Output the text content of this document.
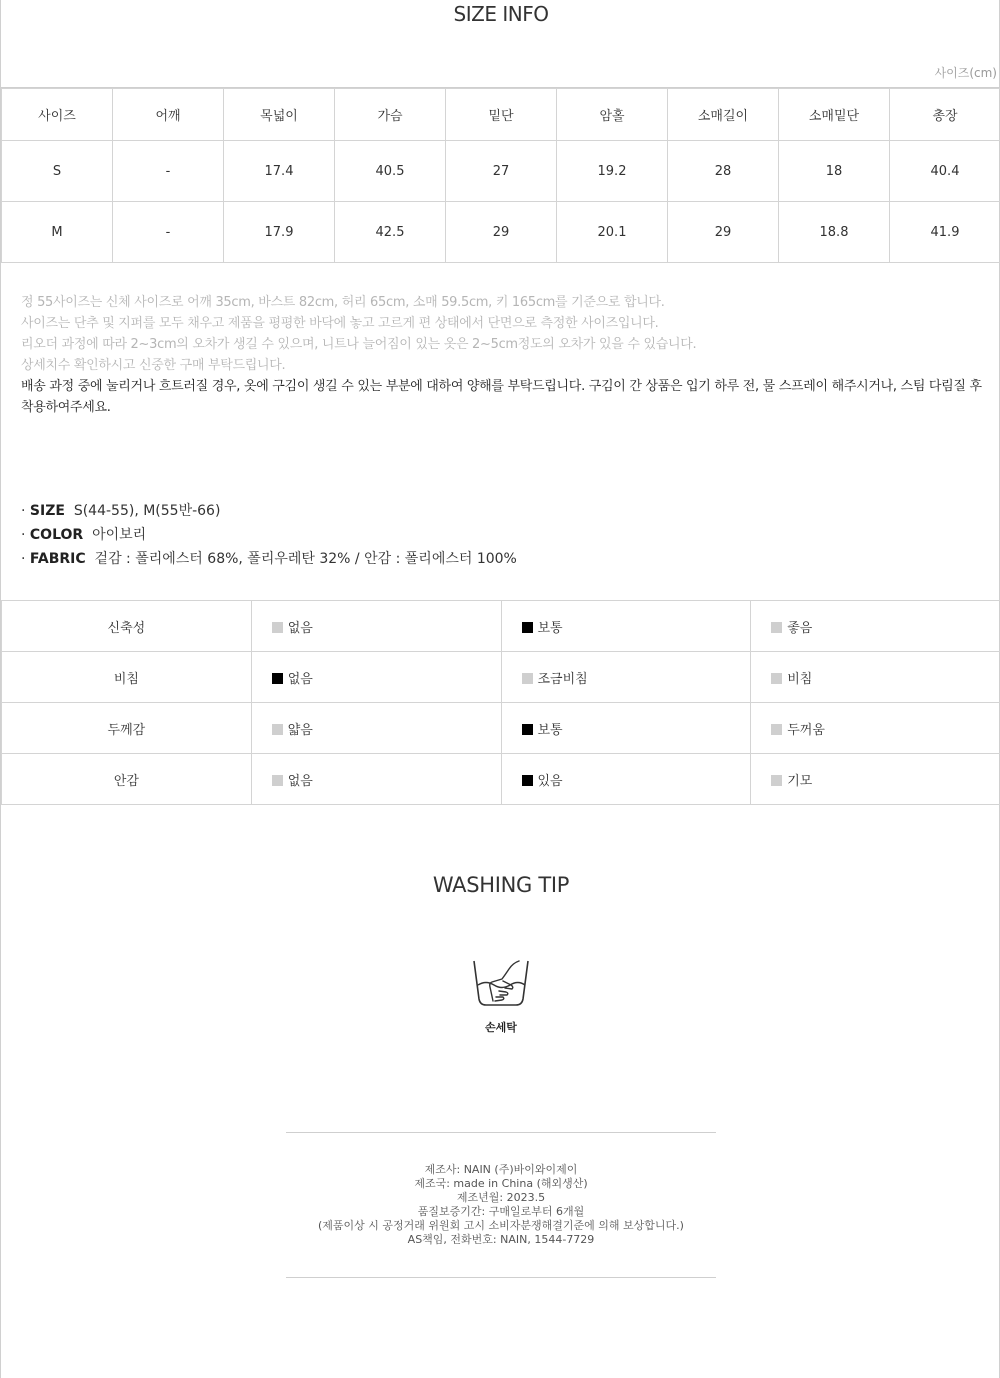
SIZE INFO
사이즈(cm)
사이즈	어깨	목넓이	가슴	밑단	암홀	소매길이	소매밑단	총장
S	-	17.4	40.5	27	19.2	28	18	40.4
M	-	17.9	42.5	29	20.1	29	18.8	41.9
정 55사이즈는 신체 사이즈로 어깨 35cm, 바스트 82cm, 허리 65cm, 소매 59.5cm, 키 165cm를 기준으로 합니다.
사이즈는 단추 및 지퍼를 모두 채우고 제품을 평평한 바닥에 놓고 고르게 편 상태에서 단면으로 측정한 사이즈입니다.
리오더 과정에 따라 2~3cm의 오차가 생길 수 있으며, 니트나 늘어짐이 있는 옷은 2~5cm정도의 오차가 있을 수 있습니다.
상세치수 확인하시고 신중한 구매 부탁드립니다.
배송 과정 중에 눌리거나 흐트러질 경우, 옷에 구김이 생길 수 있는 부분에 대하여 양해를 부탁드립니다. 구김이 간 상품은 입기 하루 전, 물 스프레이 해주시거나, 스팀 다림질 후 착용하여주세요.
· SIZE S(44-55), M(55반-66)
· COLOR 아이보리
· FABRIC 겉감 : 폴리에스터 68%, 폴리우레탄 32% / 안감 : 폴리에스터 100%
신축성	없음	보통	좋음
비침	없음	조금비침	비침
두께감	얇음	보통	두꺼움
안감	없음	있음	기모
WASHING TIP
손세탁
제조사: NAIN (주)바이와이제이
제조국: made in China (해외생산)
제조년월: 2023.5
품질보증기간: 구매일로부터 6개월
(제품이상 시 공정거래 위원회 고시 소비자분쟁해결기준에 의해 보상합니다.)
AS책임, 전화번호: NAIN, 1544-7729
